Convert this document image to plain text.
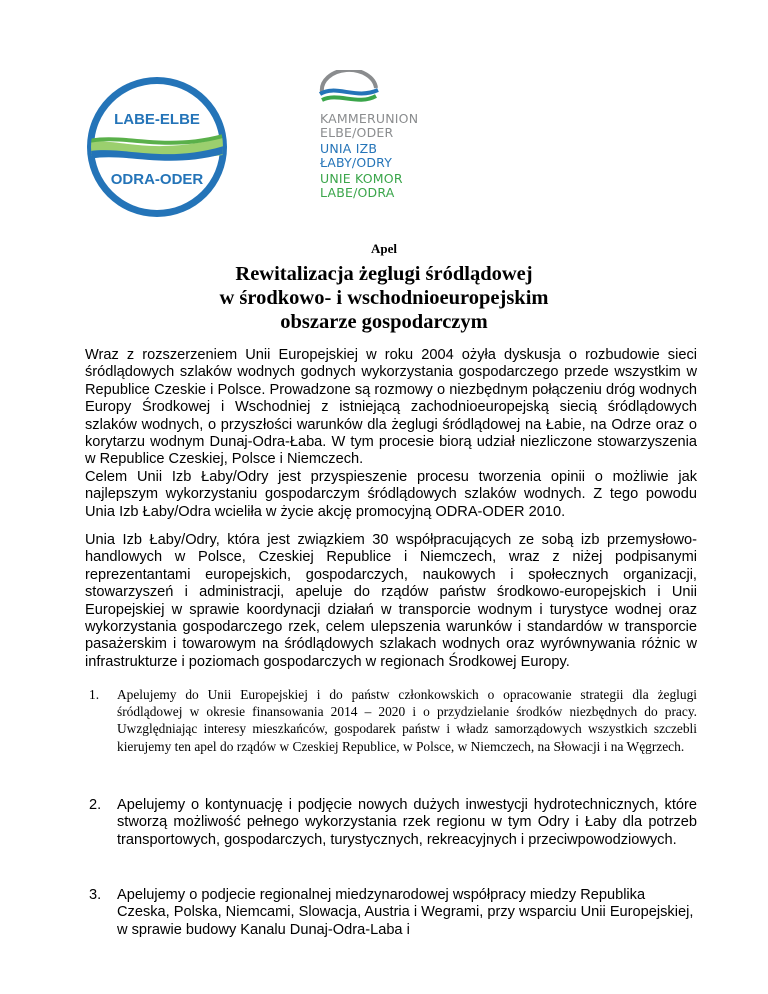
LABE-ELBE
ODRA-ODER
KAMMERUNION
ELBE/ODER
UNIA IZB
ŁABY/ODRY
UNIE KOMOR
LABE/ODRA
Apel
Rewitalizacja żeglugi śródlądowej
w środkowo- i wschodnioeuropejskim
obszarze gospodarczym
Wraz z rozszerzeniem Unii Europejskiej w roku 2004 ożyła dyskusja o rozbudowie sieci śródlądowych szlaków wodnych godnych wykorzystania gospodarczego przede wszystkim w Republice Czeskie i Polsce. Prowadzone są rozmowy o niezbędnym połączeniu dróg wodnych Europy Środkowej i Wschodniej z istniejącą zachodnioeuropejską siecią śródlądowych szlaków wodnych, o przyszłości warunków dla żeglugi śródlądowej na Łabie, na Odrze oraz o korytarzu wodnym Dunaj-Odra-Łaba. W tym procesie biorą udział niezliczone stowarzyszenia w Republice Czeskiej, Polsce i Niemczech.
Celem Unii Izb Łaby/Odry jest przyspieszenie procesu tworzenia opinii o możliwie jak najlepszym wykorzystaniu gospodarczym śródlądowych szlaków wodnych. Z tego powodu Unia Izb Łaby/Odra wcieliła w życie akcję promocyjną ODRA-ODER 2010.
Unia Izb Łaby/Odry, która jest związkiem 30 współpracujących ze sobą izb przemysłowo-handlowych w Polsce, Czeskiej Republice i Niemczech, wraz z niżej podpisanymi reprezentantami europejskich, gospodarczych, naukowych i społecznych organizacji, stowarzyszeń i administracji, apeluje do rządów państw środkowo-europejskich i Unii Europejskiej w sprawie koordynacji działań w transporcie wodnym i turystyce wodnej oraz wykorzystania gospodarczego rzek, celem ulepszenia warunków i standardów w transporcie pasażerskim i towarowym na śródlądowych szlakach wodnych oraz wyrównywania różnic w infrastrukturze i poziomach gospodarczych w regionach Środkowej Europy.
1. Apelujemy do Unii Europejskiej i do państw członkowskich o opracowanie strategii dla żeglugi śródlądowej w okresie finansowania 2014 – 2020 i o przydzielanie środków niezbędnych do pracy. Uwzględniając interesy mieszkańców, gospodarek państw i władz samorządowych wszystkich szczebli kierujemy ten apel do rządów w Czeskiej Republice, w Polsce, w Niemczech, na Słowacji i na Węgrzech.
2. Apelujemy o kontynuację i podjęcie nowych dużych inwestycji hydrotechnicznych, które stworzą możliwość pełnego wykorzystania rzek regionu w tym Odry i Łaby dla potrzeb transportowych, gospodarczych, turystycznych, rekreacyjnych i przeciwpowodziowych.
3. Apelujemy o podjecie regionalnej miedzynarodowej współpracy miedzy Republika Czeska, Polska, Niemcami, Slowacja, Austria i Wegrami, przy wsparciu Unii Europejskiej, w sprawie budowy Kanalu Dunaj-Odra-Laba i
